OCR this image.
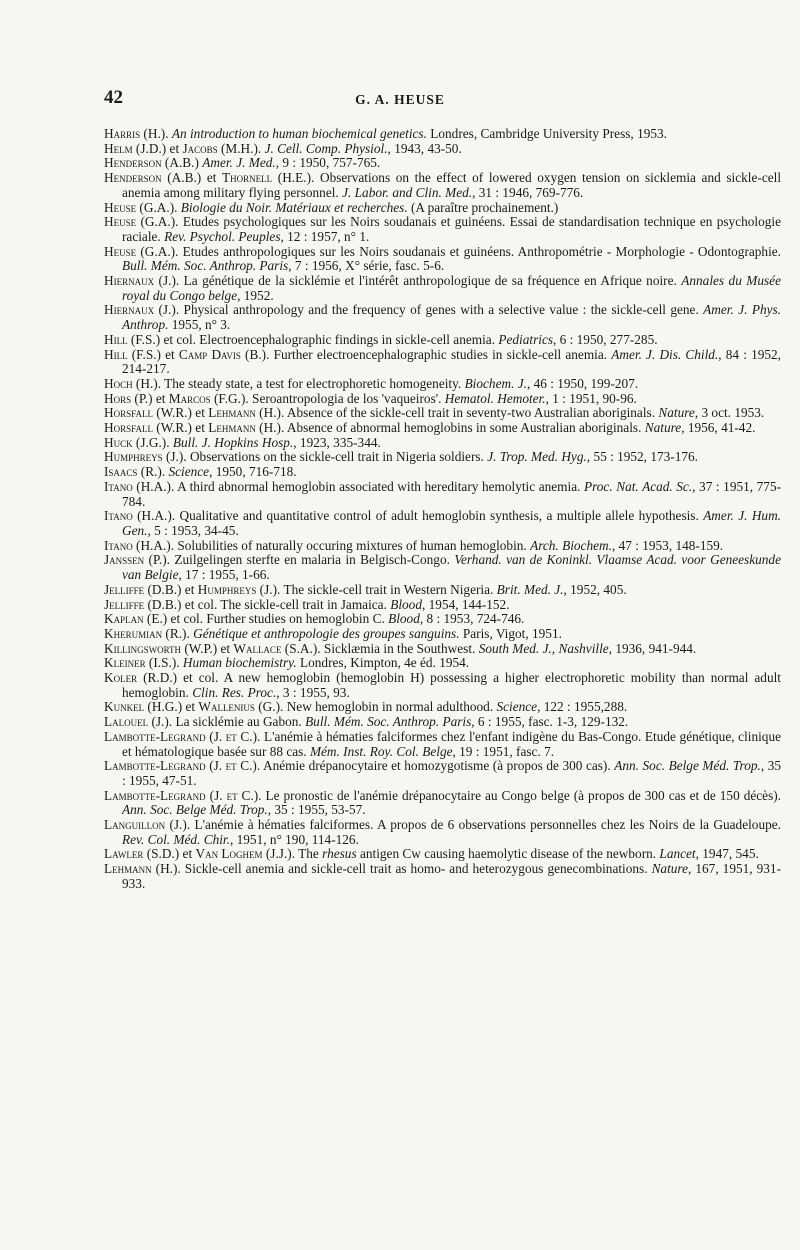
42	G. A. HEUSE
Harris (H.). An introduction to human biochemical genetics. Londres, Cambridge University Press, 1953.
Helm (J.D.) et Jacobs (M.H.). J. Cell. Comp. Physiol., 1943, 43-50.
Henderson (A.B.) Amer. J. Med., 9 : 1950, 757-765.
Henderson (A.B.) et Thornell (H.E.). Observations on the effect of lowered oxygen tension on sicklemia and sickle-cell anemia among military flying personnel. J. Labor. and Clin. Med., 31 : 1946, 769-776.
Heuse (G.A.). Biologie du Noir. Matériaux et recherches. (A paraître prochainement.)
Heuse (G.A.). Etudes psychologiques sur les Noirs soudanais et guinéens. Essai de standardisation technique en psychologie raciale. Rev. Psychol. Peuples, 12 : 1957, n° 1.
Heuse (G.A.). Etudes anthropologiques sur les Noirs soudanais et guinéens. Anthropométrie - Morphologie - Odontographie. Bull. Mém. Soc. Anthrop. Paris, 7 : 1956, X° série, fasc. 5-6.
Hiernaux (J.). La génétique de la sicklémie et l'intérêt anthropologique de sa fréquence en Afrique noire. Annales du Musée royal du Congo belge, 1952.
Hiernaux (J.). Physical anthropology and the frequency of genes with a selective value : the sickle-cell gene. Amer. J. Phys. Anthrop. 1955, n° 3.
Hill (F.S.) et col. Electroencephalographic findings in sickle-cell anemia. Pediatrics, 6 : 1950, 277-285.
Hill (F.S.) et Camp Davis (B.). Further electroencephalographic studies in sickle-cell anemia. Amer. J. Dis. Child., 84 : 1952, 214-217.
Hoch (H.). The steady state, a test for electrophoretic homogeneity. Biochem. J., 46 : 1950, 199-207.
Hors (P.) et Marcos (F.G.). Seroantropologia de los 'vaqueiros'. Hematol. Hemoter., 1 : 1951, 90-96.
Horsfall (W.R.) et Lehmann (H.). Absence of the sickle-cell trait in seventy-two Australian aboriginals. Nature, 3 oct. 1953.
Horsfall (W.R.) et Lehmann (H.). Absence of abnormal hemoglobins in some Australian aboriginals. Nature, 1956, 41-42.
Huck (J.G.). Bull. J. Hopkins Hosp., 1923, 335-344.
Humphreys (J.). Observations on the sickle-cell trait in Nigeria soldiers. J. Trop. Med. Hyg., 55 : 1952, 173-176.
Isaacs (R.). Science, 1950, 716-718.
Itano (H.A.). A third abnormal hemoglobin associated with hereditary hemolytic anemia. Proc. Nat. Acad. Sc., 37 : 1951, 775-784.
Itano (H.A.). Qualitative and quantitative control of adult hemoglobin synthesis, a multiple allele hypothesis. Amer. J. Hum. Gen., 5 : 1953, 34-45.
Itano (H.A.). Solubilities of naturally occuring mixtures of human hemoglobin. Arch. Biochem., 47 : 1953, 148-159.
Janssen (P.). Zuilgelingen sterfte en malaria in Belgisch-Congo. Verhand. van de Koninkl. Vlaamse Acad. voor Geneeskunde van Belgie, 17 : 1955, 1-66.
Jelliffe (D.B.) et Humphreys (J.). The sickle-cell trait in Western Nigeria. Brit. Med. J., 1952, 405.
Jelliffe (D.B.) et col. The sickle-cell trait in Jamaica. Blood, 1954, 144-152.
Kaplan (E.) et col. Further studies on hemoglobin C. Blood, 8 : 1953, 724-746.
Kherumian (R.). Génétique et anthropologie des groupes sanguins. Paris, Vigot, 1951.
Killingsworth (W.P.) et Wallace (S.A.). Sicklæmia in the Southwest. South Med. J., Nashville, 1936, 941-944.
Kleiner (I.S.). Human biochemistry. Londres, Kimpton, 4e éd. 1954.
Koler (R.D.) et col. A new hemoglobin (hemoglobin H) possessing a higher electrophoretic mobility than normal adult hemoglobin. Clin. Res. Proc., 3 : 1955, 93.
Kunkel (H.G.) et Wallenius (G.). New hemoglobin in normal adulthood. Science, 122 : 1955,288.
Lalouel (J.). La sicklémie au Gabon. Bull. Mém. Soc. Anthrop. Paris, 6 : 1955, fasc. 1-3, 129-132.
Lambotte-Legrand (J. et C.). L'anémie à hématies falciformes chez l'enfant indigène du Bas-Congo. Etude génétique, clinique et hématologique basée sur 88 cas. Mém. Inst. Roy. Col. Belge, 19 : 1951, fasc. 7.
Lambotte-Legrand (J. et C.). Anémie drépanocytaire et homozygotisme (à propos de 300 cas). Ann. Soc. Belge Méd. Trop., 35 : 1955, 47-51.
Lambotte-Legrand (J. et C.). Le pronostic de l'anémie drépanocytaire au Congo belge (à propos de 300 cas et de 150 décès). Ann. Soc. Belge Méd. Trop., 35 : 1955, 53-57.
Languillon (J.). L'anémie à hématies falciformes. A propos de 6 observations personnelles chez les Noirs de la Guadeloupe. Rev. Col. Méd. Chir., 1951, n° 190, 114-126.
Lawler (S.D.) et Van Loghem (J.J.). The rhesus antigen Cw causing haemolytic disease of the newborn. Lancet, 1947, 545.
Lehmann (H.). Sickle-cell anemia and sickle-cell trait as homo- and heterozygous genecombinations. Nature, 167, 1951, 931-933.
